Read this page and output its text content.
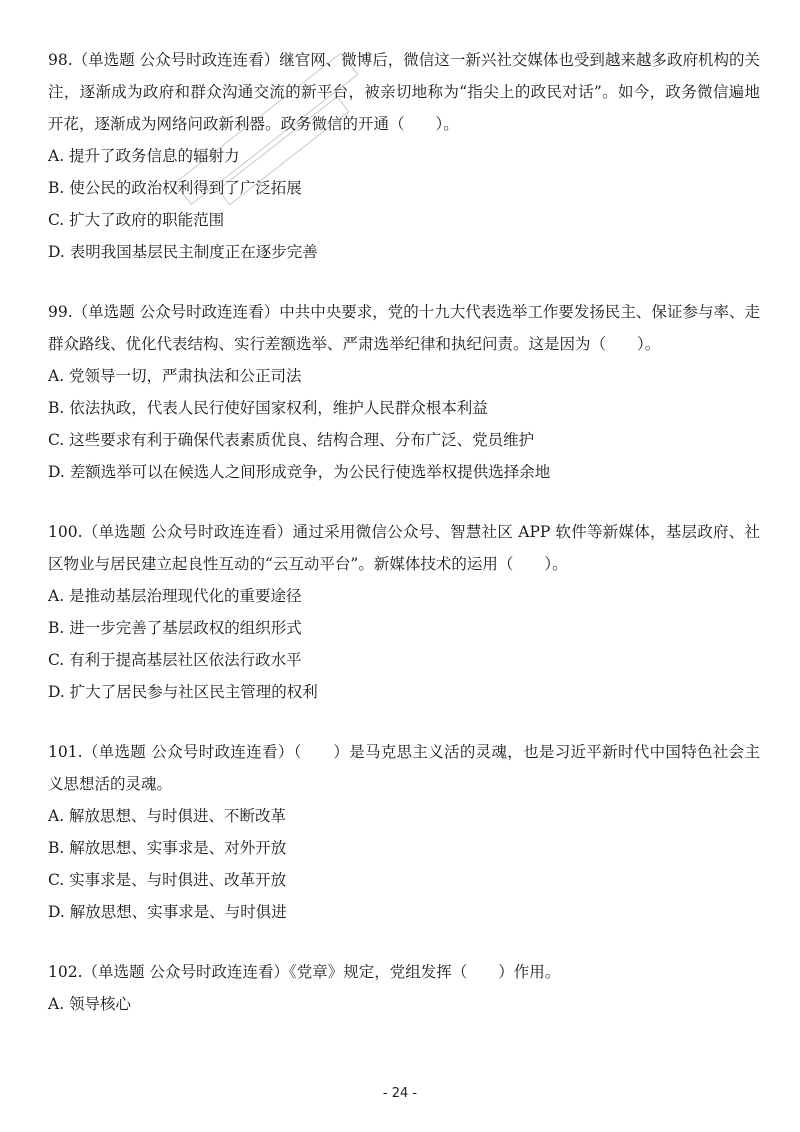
98.（单选题 公众号时政连连看）继官网、微博后，微信这一新兴社交媒体也受到越来越多政府机构的关注，逐渐成为政府和群众沟通交流的新平台，被亲切地称为“指尖上的政民对话”。如今，政务微信遍地开花，逐渐成为网络问政新利器。政务微信的开通（　　）。

A. 提升了政务信息的辐射力
B. 使公民的政治权利得到了广泛拓展
C. 扩大了政府的职能范围
D. 表明我国基层民主制度正在逐步完善

99.（单选题 公众号时政连连看）中共中央要求，党的十九大代表选举工作要发扬民主、保证参与率、走群众路线、优化代表结构、实行差额选举、严肃选举纪律和执纪问责。这是因为（　　）。

A. 党领导一切，严肃执法和公正司法
B. 依法执政，代表人民行使好国家权利，维护人民群众根本利益
C. 这些要求有利于确保代表素质优良、结构合理、分布广泛、党员维护
D. 差额选举可以在候选人之间形成竞争，为公民行使选举权提供选择余地

100.（单选题 公众号时政连连看）通过采用微信公众号、智慧社区 APP 软件等新媒体，基层政府、社区物业与居民建立起良性互动的“云互动平台”。新媒体技术的运用（　　）。

A. 是推动基层治理现代化的重要途径
B. 进一步完善了基层政权的组织形式
C. 有利于提高基层社区依法行政水平
D. 扩大了居民参与社区民主管理的权利

101.（单选题 公众号时政连连看）（　　）是马克思主义活的灵魂，也是习近平新时代中国特色社会主义思想活的灵魂。

A. 解放思想、与时俱进、不断改革
B. 解放思想、实事求是、对外开放
C. 实事求是、与时俱进、改革开放
D. 解放思想、实事求是、与时俱进

102.（单选题 公众号时政连连看）《党章》规定，党组发挥（　　）作用。

A. 领导核心
- 24 -
